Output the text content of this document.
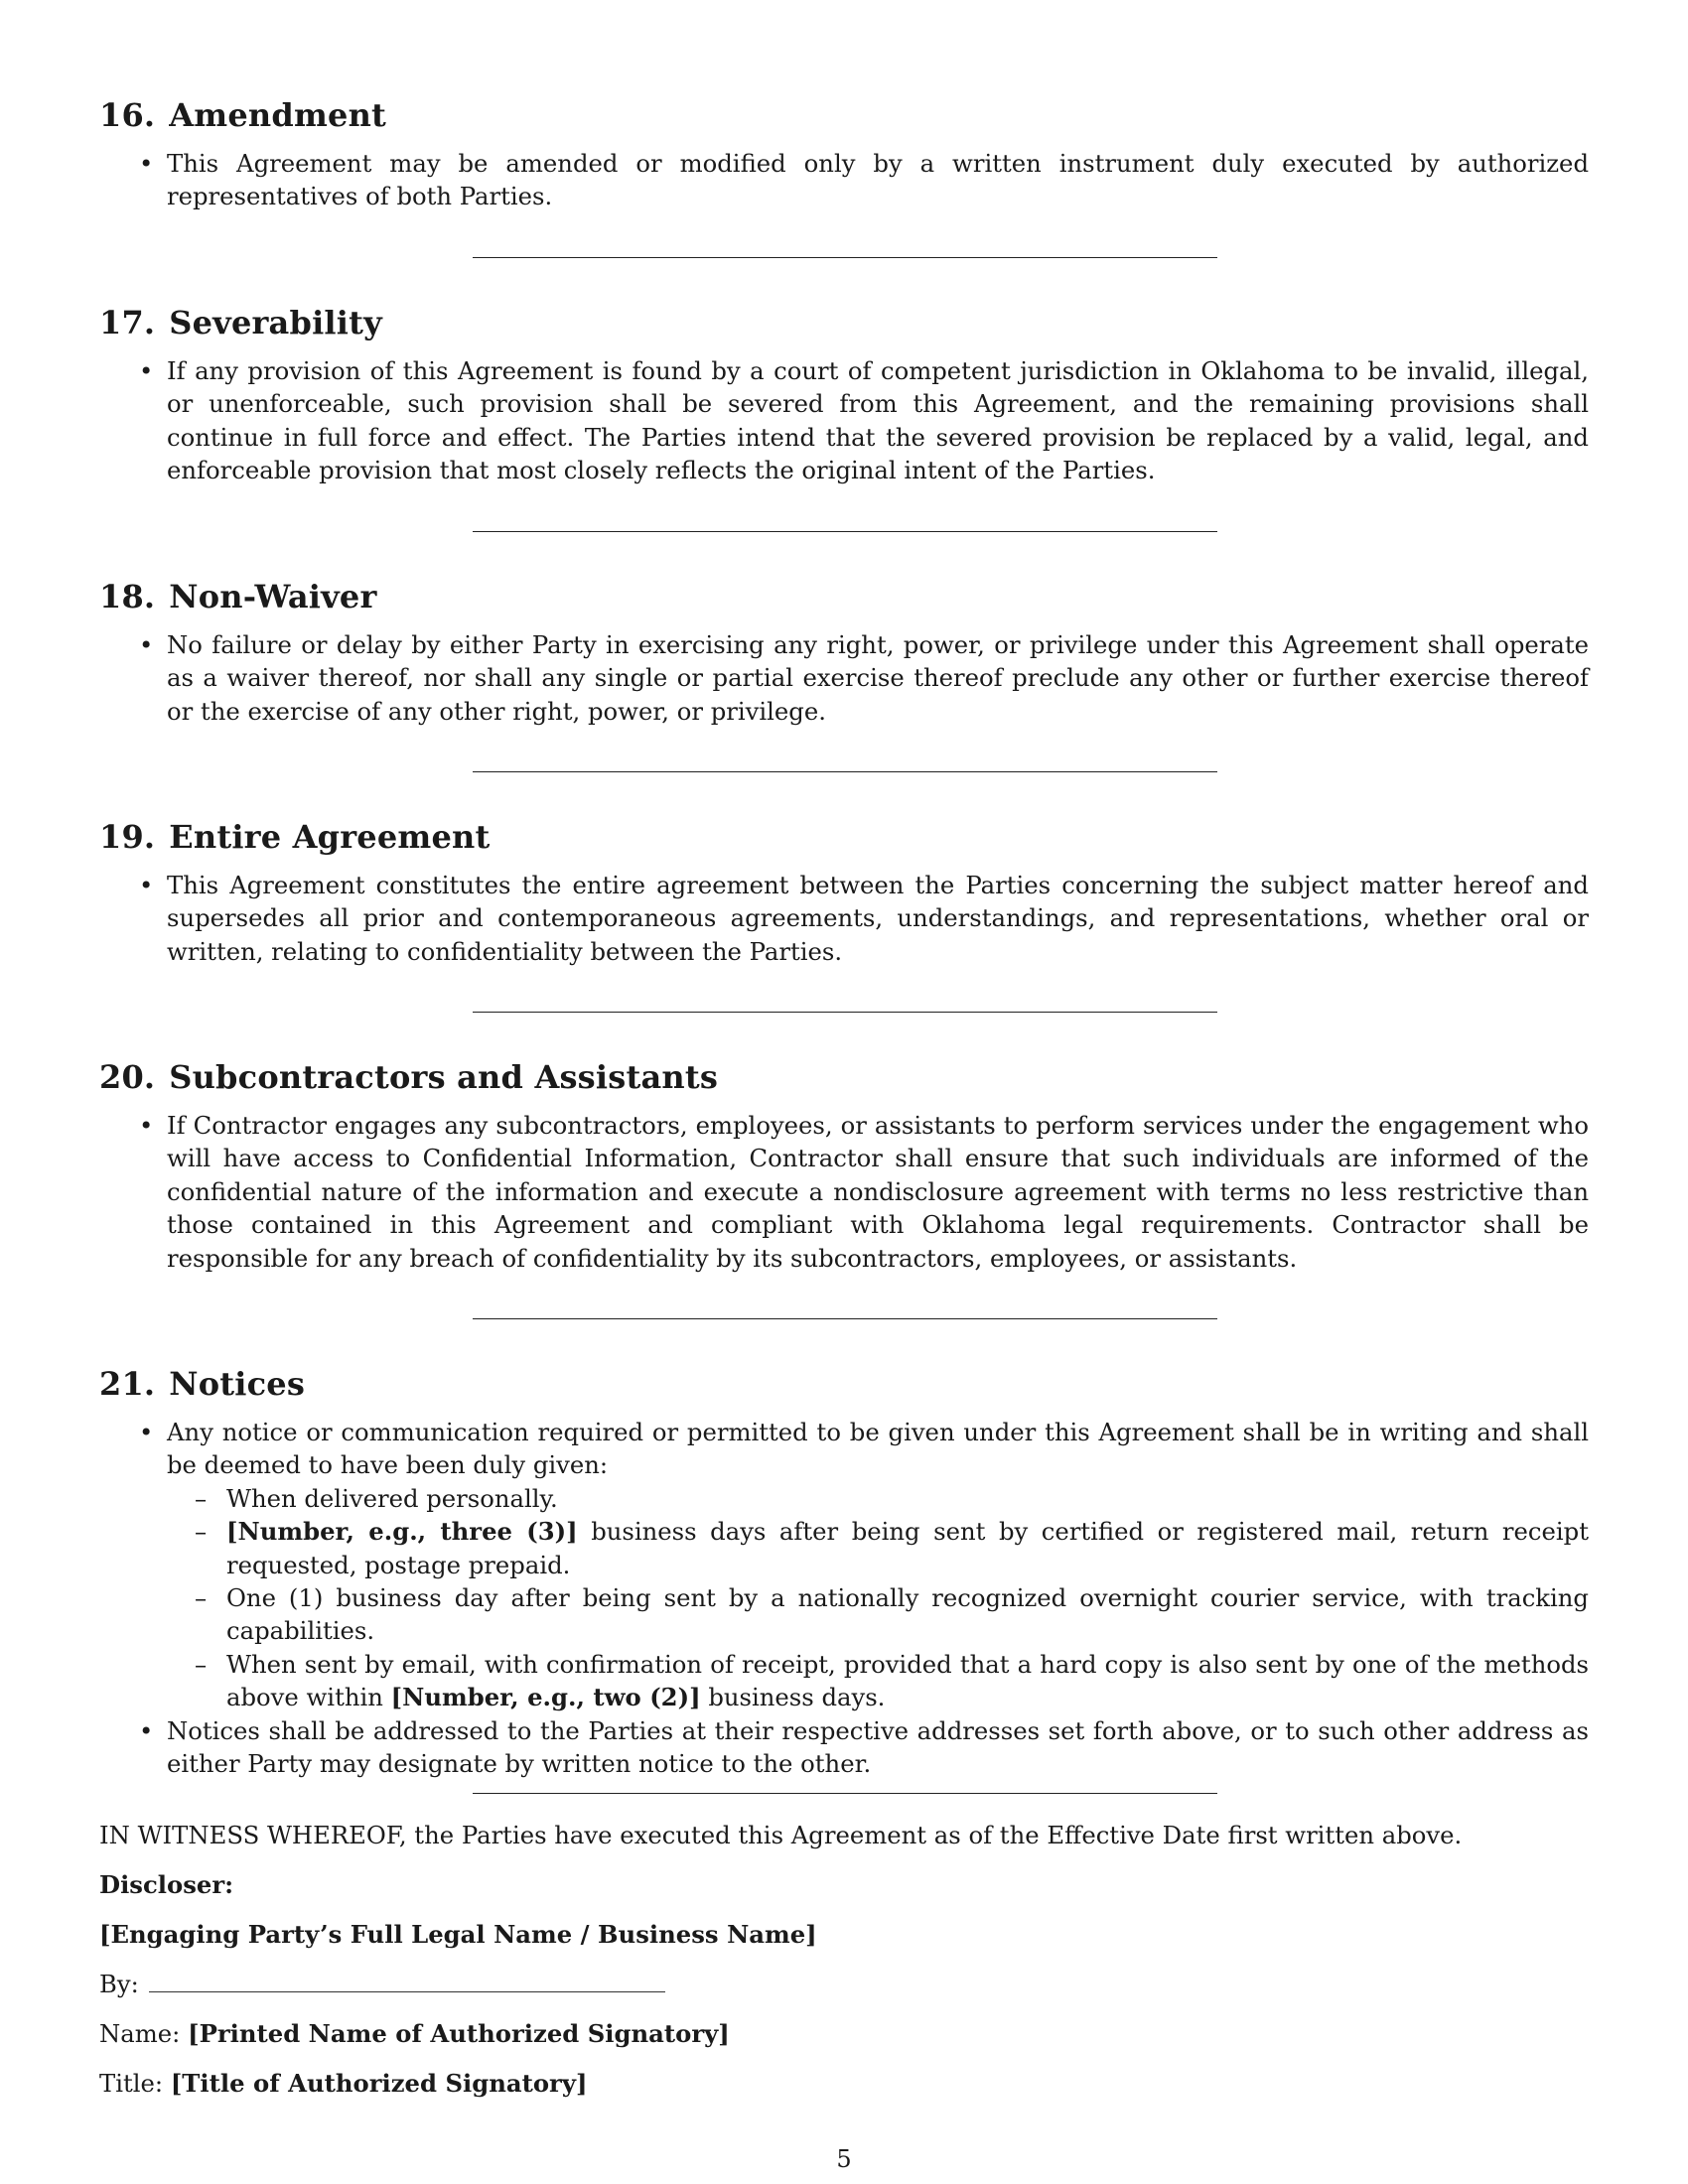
16. Amendment
• This Agreement may be amended or modified only by a written instrument duly executed by authorized representatives of both Parties.
17. Severability
• If any provision of this Agreement is found by a court of competent jurisdiction in Oklahoma to be invalid, illegal, or unenforceable, such provision shall be severed from this Agreement, and the remaining provisions shall continue in full force and effect. The Parties intend that the severed provision be replaced by a valid, legal, and enforceable provision that most closely reflects the original intent of the Parties.
18. Non-Waiver
• No failure or delay by either Party in exercising any right, power, or privilege under this Agreement shall operate as a waiver thereof, nor shall any single or partial exercise thereof preclude any other or further exercise thereof or the exercise of any other right, power, or privilege.
19. Entire Agreement
• This Agreement constitutes the entire agreement between the Parties concerning the subject matter hereof and supersedes all prior and contemporaneous agreements, understandings, and representations, whether oral or written, relating to confidentiality between the Parties.
20. Subcontractors and Assistants
• If Contractor engages any subcontractors, employees, or assistants to perform services under the engagement who will have access to Confidential Information, Contractor shall ensure that such individuals are informed of the confidential nature of the information and execute a nondisclosure agreement with terms no less restrictive than those contained in this Agreement and compliant with Oklahoma legal requirements. Contractor shall be responsible for any breach of confidentiality by its subcontractors, employees, or assistants.
21. Notices
• Any notice or communication required or permitted to be given under this Agreement shall be in writing and shall be deemed to have been duly given:
– When delivered personally.
– [Number, e.g., three (3)] business days after being sent by certified or registered mail, return receipt requested, postage prepaid.
– One (1) business day after being sent by a nationally recognized overnight courier service, with tracking capabilities.
– When sent by email, with confirmation of receipt, provided that a hard copy is also sent by one of the methods above within [Number, e.g., two (2)] business days.
• Notices shall be addressed to the Parties at their respective addresses set forth above, or to such other address as either Party may designate by written notice to the other.
IN WITNESS WHEREOF, the Parties have executed this Agreement as of the Effective Date first written above.
Discloser:
[Engaging Party’s Full Legal Name / Business Name]
By:
Name: [Printed Name of Authorized Signatory]
Title: [Title of Authorized Signatory]
5
